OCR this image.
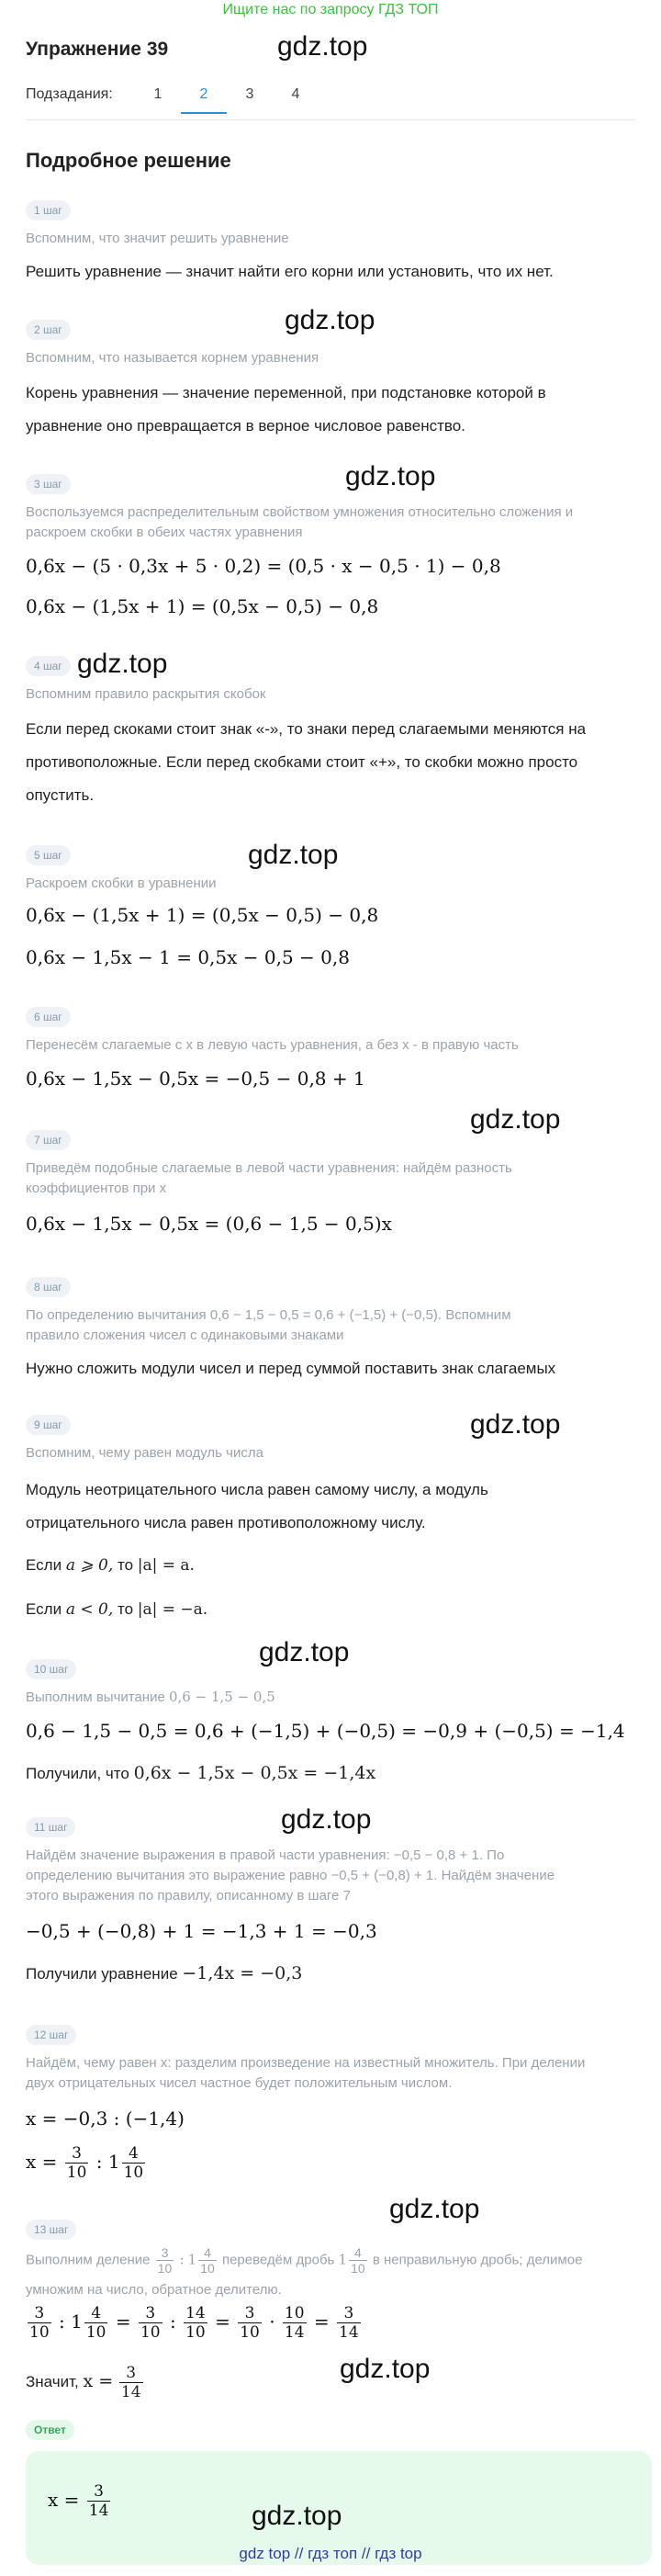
Ищите нас по запросу ГДЗ ТОП
Упражнение 39	gdz.top
Подзадания:	1	2	3	4
Подробное решение
1 шаг
Вспомним, что значит решить уравнение
Решить уравнение — значит найти его корни или установить, что их нет.
gdz.top
2 шаг
Вспомним, что называется корнем уравнения
Корень уравнения — значение переменной, при подстановке которой в
уравнение оно превращается в верное числовое равенство.
gdz.top
3 шаг
Воспользуемся распределительным свойством умножения относительно сложения и
раскроем скобки в обеих частях уравнения
0,6x − (5 · 0,3x + 5 · 0,2) = (0,5 · x − 0,5 · 1) − 0,8
0,6x − (1,5x + 1) = (0,5x − 0,5) − 0,8
4 шаг gdz.top
Вспомним правило раскрытия скобок
Если перед скоками стоит знак «-», то знаки перед слагаемыми меняются на
противоположные. Если перед скобками стоит «+», то скобки можно просто
опустить.
gdz.top
5 шаг
Раскроем скобки в уравнении
0,6x − (1,5x + 1) = (0,5x − 0,5) − 0,8
0,6x − 1,5x − 1 = 0,5x − 0,5 − 0,8
6 шаг
Перенесём слагаемые с x в левую часть уравнения, а без x - в правую часть
0,6x − 1,5x − 0,5x = −0,5 − 0,8 + 1
gdz.top
7 шаг
Приведём подобные слагаемые в левой части уравнения: найдём разность
коэффициентов при x
0,6x − 1,5x − 0,5x = (0,6 − 1,5 − 0,5)x
8 шаг
По определению вычитания 0,6 − 1,5 − 0,5 = 0,6 + (−1,5) + (−0,5). Вспомним
правило сложения чисел с одинаковыми знаками
Нужно сложить модули чисел и перед суммой поставить знак слагаемых
gdz.top
9 шаг
Вспомним, чему равен модуль числа
Модуль неотрицательного числа равен самому числу, а модуль
отрицательного числа равен противоположному числу.
Если a ⩾ 0, то |a| = a.
Если a < 0, то |a| = −a.
gdz.top
10 шаг
Выполним вычитание 0,6 − 1,5 − 0,5
0,6 − 1,5 − 0,5 = 0,6 + (−1,5) + (−0,5) = −0,9 + (−0,5) = −1,4
Получили, что 0,6x − 1,5x − 0,5x = −1,4x
gdz.top
11 шаг
Найдём значение выражения в правой части уравнения: −0,5 − 0,8 + 1. По
определению вычитания это выражение равно −0,5 + (−0,8) + 1. Найдём значение
этого выражения по правилу, описанному в шаге 7
−0,5 + (−0,8) + 1 = −1,3 + 1 = −0,3
Получили уравнение −1,4x = −0,3
12 шаг
Найдём, чему равен x: разделим произведение на известный множитель. При делении
двух отрицательных чисел частное будет положительным числом.
x = −0,3 : (−1,4)
$x = \frac{3}{10}$ : $1 \frac{4}{10}$
gdz.top
13 шаг
Выполним деление $\frac{3}{10}$ : $1 \frac{4}{10}$ переведём дробь $1 \frac{4}{10}$ в неправильную дробь; делимое
умножим на число, обратное делителю.
$\frac{3}{10}$ : $1 \frac{4}{10} = \frac{3}{10}$ : $\frac{14}{10} = \frac{3}{10} \cdot \frac{10}{14} = \frac{3}{14}$
gdz.top
Значит, $x = \frac{3}{14}$
Ответ
$x = \frac{3}{14}$	gdz.top
gdz top // гдз топ // гдз top
